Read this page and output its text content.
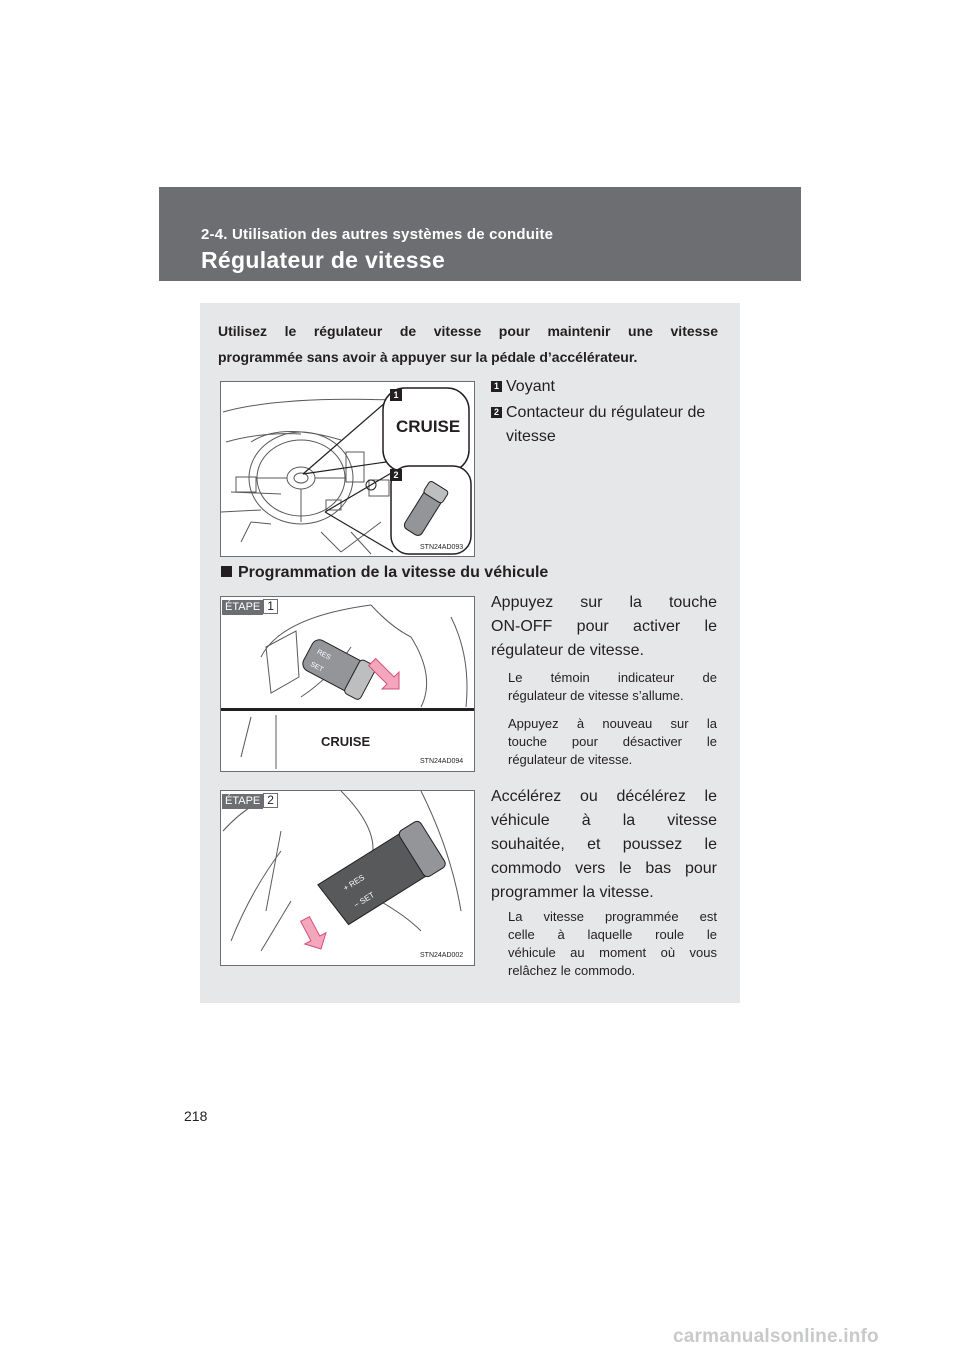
2-4. Utilisation des autres systèmes de conduite
Régulateur de vitesse
Utilisez le régulateur de vitesse pour maintenir une vitesse
programmée sans avoir à appuyer sur la pédale d’accélérateur.
CRUISE
1
2
STN24AD093
1 Voyant
2 Contacteur du régulateur de
vitesse
Programmation de la vitesse du véhicule
RES
SET
CRUISE
ÉTAPE 1
STN24AD094
Appuyez sur la touche
ON-OFF pour activer le
régulateur de vitesse.
Le témoin indicateur de
régulateur de vitesse s’allume.
Appuyez à nouveau sur la
touche pour désactiver le
régulateur de vitesse.
+ RES
− SET
ÉTAPE 2
STN24AD002
Accélérez ou décélérez le
véhicule à la vitesse
souhaitée, et poussez le
commodo vers le bas pour
programmer la vitesse.
La vitesse programmée est
celle à laquelle roule le
véhicule au moment où vous
relâchez le commodo.
218
carmanualsonline.info
